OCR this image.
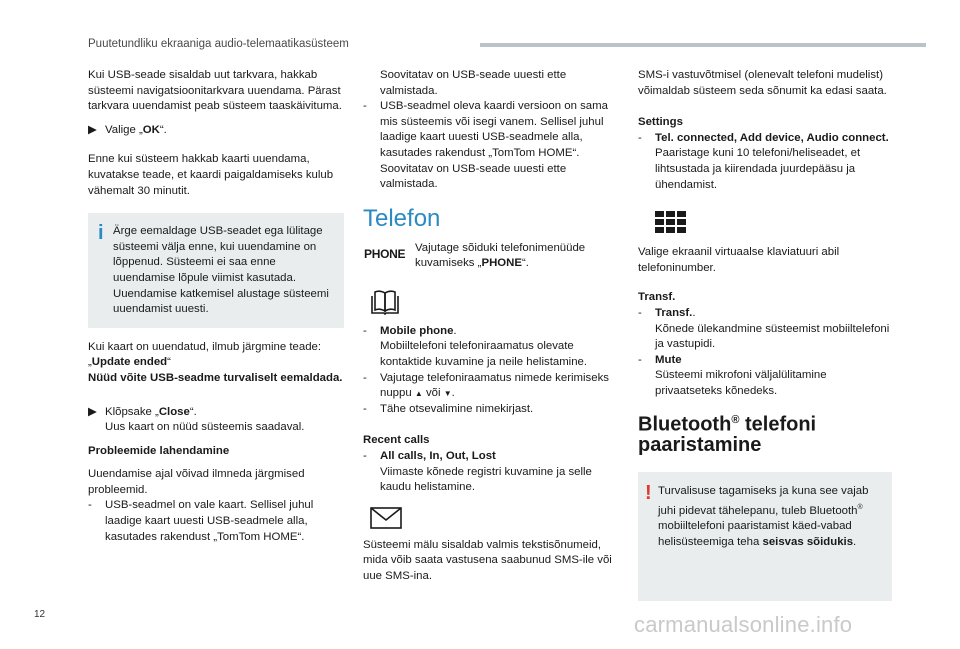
Puutetundliku ekraaniga audio-telemaatikasüsteem

Kui USB-seade sisaldab uut tarkvara, hakkab süsteemi navigatsioonitarkvara uuendama. Pärast tarkvara uuendamist peab süsteem taaskäivituma.

▶ Valige „OK“.

Enne kui süsteem hakkab kaarti uuendama, kuvatakse teade, et kaardi paigaldamiseks kulub vähemalt 30 minutit.

i Ärge eemaldage USB-seadet ega lülitage süsteemi välja enne, kui uuendamine on lõppenud. Süsteemi ei saa enne uuendamise lõpule viimist kasutada. Uuendamise katkemisel alustage süsteemi uuendamist uuesti.

Kui kaart on uuendatud, ilmub järgmine teade:
„Update ended“
Nüüd võite USB-seadme turvaliselt eemaldada.

▶ Klõpsake „Close“.
Uus kaart on nüüd süsteemis saadaval.

Probleemide lahendamine

Uuendamise ajal võivad ilmneda järgmised probleemid.

- USB-seadmel on vale kaart. Sellisel juhul laadige kaart uuesti USB-seadmele alla, kasutades rakendust „TomTom HOME“.
Soovitatav on USB-seade uuesti ette valmistada.
- USB-seadmel oleva kaardi versioon on sama mis süsteemis või isegi vanem. Sellisel juhul laadige kaart uuesti USB-seadmele alla, kasutades rakendust „TomTom HOME“.
Soovitatav on USB-seade uuesti ette valmistada.
Telefon
PHONE Vajutage sõiduki telefonimenüüde kuvamiseks „PHONE“.
- Mobile phone.
Mobiiltelefoni telefoniraamatus olevate kontaktide kuvamine ja neile helistamine.
- Vajutage telefoniraamatus nimede kerimiseks nuppu ▲ või ▼.
- Tähe otsevalimine nimekirjast.
Recent calls
- All calls, In, Out, Lost
Viimaste kõnede registri kuvamine ja selle kaudu helistamine.

Süsteemi mälu sisaldab valmis tekstisõnumeid, mida võib saata vastusena saabunud SMS-ile või uue SMS-ina.

SMS-i vastuvõtmisel (olenevalt telefoni mudelist) võimaldab süsteem seda sõnumit ka edasi saata.

Settings
- Tel. connected, Add device, Audio connect.
Paaristage kuni 10 telefoni/heliseadet, et lihtsustada ja kiirendada juurdepääsu ja ühendamist.

Valige ekraanil virtuaalse klaviatuuri abil telefoninumber.

Transf.
- Transf..
Kõnede ülekandmine süsteemist mobiiltelefoni ja vastupidi.
- Mute
Süsteemi mikrofoni väljalülitamine privaatseteks kõnedeks.
Bluetooth® telefoni
paaristamine
! Turvalisuse tagamiseks ja kuna see vajab juhi pidevat tähelepanu, tuleb Bluetooth® mobiiltelefoni paaristamist käed-vabad helisüsteemiga teha seisvas sõidukis.
12	carmanualsonline.info
